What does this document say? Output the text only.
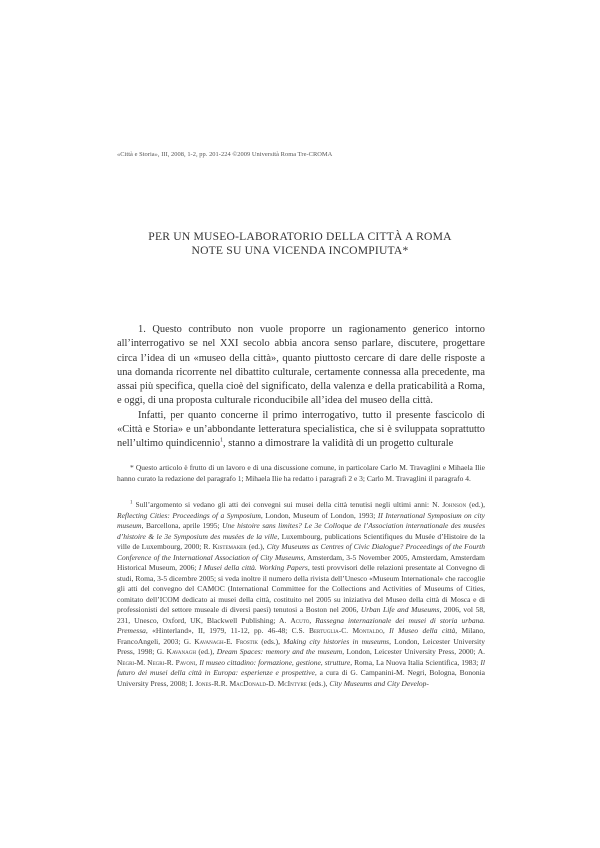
«Città e Storia», III, 2008, 1-2, pp. 201-224 ©2009 Università Roma Tre-CROMA
PER UN MUSEO-LABORATORIO DELLA CITTÀ A ROMA
NOTE SU UNA VICENDA INCOMPIUTA*

1. Questo contributo non vuole proporre un ragionamento generico intorno all’interrogativo se nel XXI secolo abbia ancora senso parlare, discutere, progettare circa l’idea di un «museo della città», quanto piuttosto cercare di dare delle risposte a una domanda ricorrente nel dibattito culturale, certamente connessa alla precedente, ma assai più specifica, quella cioè del significato, della valenza e della praticabilità a Roma, e oggi, di una proposta culturale riconducibile all’idea del museo della città.

Infatti, per quanto concerne il primo interrogativo, tutto il presente fascicolo di «Città e Storia» e un’abbondante letteratura specialistica, che si è sviluppata soprattutto nell’ultimo quindicennio$^1$, stanno a dimostrare la validità di un progetto culturale

* Questo articolo è frutto di un lavoro e di una discussione comune, in particolare Carlo M. Travaglini e Mihaela Ilie hanno curato la redazione del paragrafo 1; Mihaela Ilie ha redatto i paragrafi 2 e 3; Carlo M. Travaglini il paragrafo 4.

$^1$ Sull’argomento si vedano gli atti dei convegni sui musei della città tenutisi negli ultimi anni: N. Johnson (ed.), Reflecting Cities: Proceedings of a Symposium, London, Museum of London, 1993; II International Symposium on city museum, Barcellona, aprile 1995; Une histoire sans limites? Le 3e Colloque de l’Association internationale des musées d’histoire & le 3e Symposium des musées de la ville, Luxembourg, publications Scientifiques du Musée d’Histoire de la ville de Luxembourg, 2000; R. Kistemaker (ed.), City Museums as Centres of Civic Dialogue? Proceedings of the Fourth Conference of the International Association of City Museums, Amsterdam, 3-5 November 2005, Amsterdam, Amsterdam Historical Museum, 2006; I Musei della città. Working Papers, testi provvisori delle relazioni presentate al Convegno di studi, Roma, 3-5 dicembre 2005; si veda inoltre il numero della rivista dell’Unesco «Museum International» che raccoglie gli atti del convegno del CAMOC (International Committee for the Collections and Activities of Museums of Cities, comitato dell’ICOM dedicato ai musei della città, costituito nel 2005 su iniziativa del Museo della città di Mosca e di professionisti del settore museale di diversi paesi) tenutosi a Boston nel 2006, Urban Life and Museums, 2006, vol 58, 231, Unesco, Oxford, UK, Blackwell Publishing; A. Acuto, Rassegna internazionale dei musei di storia urbana. Premessa, «Hinterland», II, 1979, 11-12, pp. 46-48; C.S. Bertuglia-C. Montaldo, Il Museo della città, Milano, FrancoAngeli, 2003; G. Kavanagh-E. Frostik (eds.), Making city histories in museums, London, Leicester University Press, 1998; G. Kavanagh (ed.), Dream Spaces: memory and the museum, London, Leicester University Press, 2000; A. Negri-M. Negri-R. Pavoni, Il museo cittadino: formazione, gestione, strutture, Roma, La Nuova Italia Scientifica, 1983; Il futuro dei musei della città in Europa: esperienze e prospettive, a cura di G. Campanini-M. Negri, Bologna, Bononia University Press, 2008; I. Jones-R.R. MacDonald-D. McIntyre (eds.), City Museums and City Develop-
